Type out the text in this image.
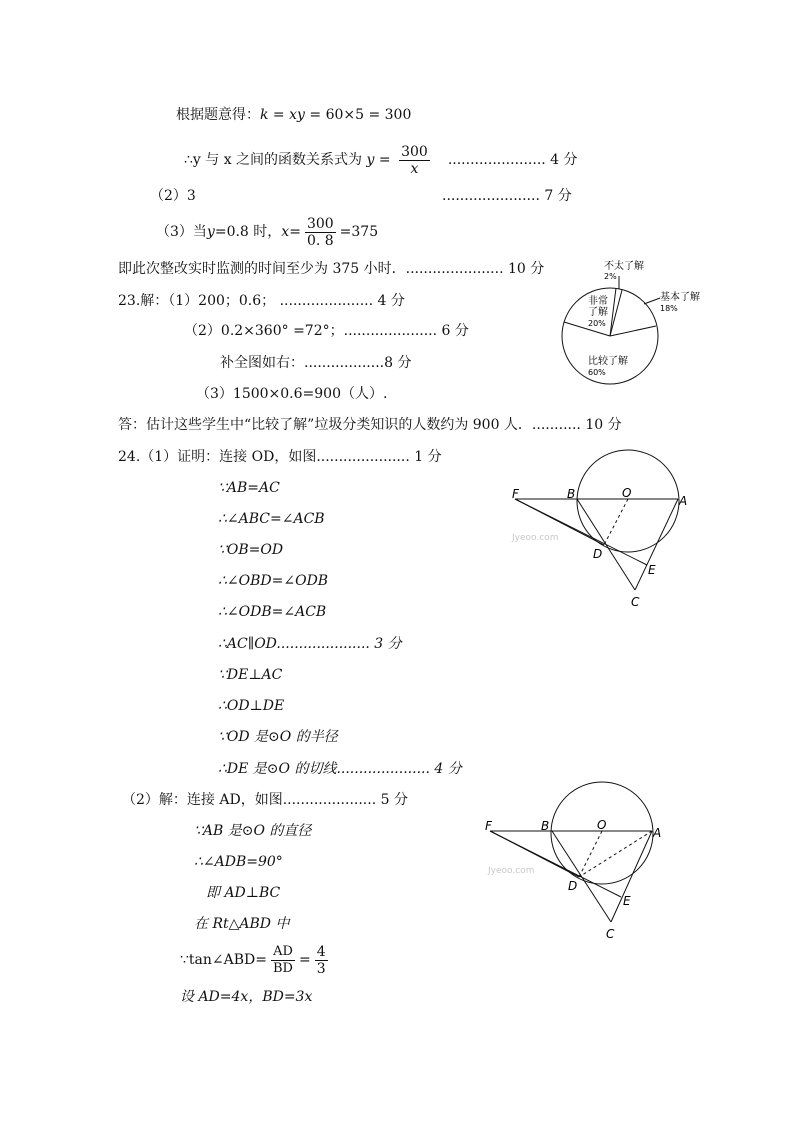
根据题意得：k = xy = 60×5 = 300
∴y 与 x 之间的函数关系式为 $y = \frac{300}{x}$ ...................... 4 分
（2）3	...................... 7 分
（3）当y=0.8 时，$x= \frac{300}{0. 8} =375$
即此次整改实时监测的时间至少为 375 小时．...................... 10 分
23.解：（1）200；0.6； ..................... 4 分
（2）0.2×360° =72°；..................... 6 分
补全图如右：..................8 分
（3）1500×0.6=900（人）.
答：估计这些学生中“比较了解”垃圾分类知识的人数约为 900 人．........... 10 分
24.（1）证明：连接 OD，如图..................... 1 分
∵AB=AC
∴∠ABC=∠ACB
∵OB=OD
∴∠OBD=∠ODB
∴∠ODB=∠ACB
∴AC∥OD..................... 3 分
∵DE⊥AC
∴OD⊥DE
∵OD 是⊙O 的半径
∴DE 是⊙O 的切线..................... 4 分
（2）解：连接 AD，如图..................... 5 分
∵AB 是⊙O 的直径
∴∠ADB=90°
即 AD⊥BC
在 Rt△ABD 中
∵tan∠ABD= $\frac{AD}{BD} = \frac{4}{3}$
设 AD=4x，BD=3x
不太了解
2%
基本了解
18%
非常
了解
20%
比较了解
60%
F	B	O
A
D
E
C
Jyeoo.com
F	B	O
A
D
E
C
Jyeoo.com
